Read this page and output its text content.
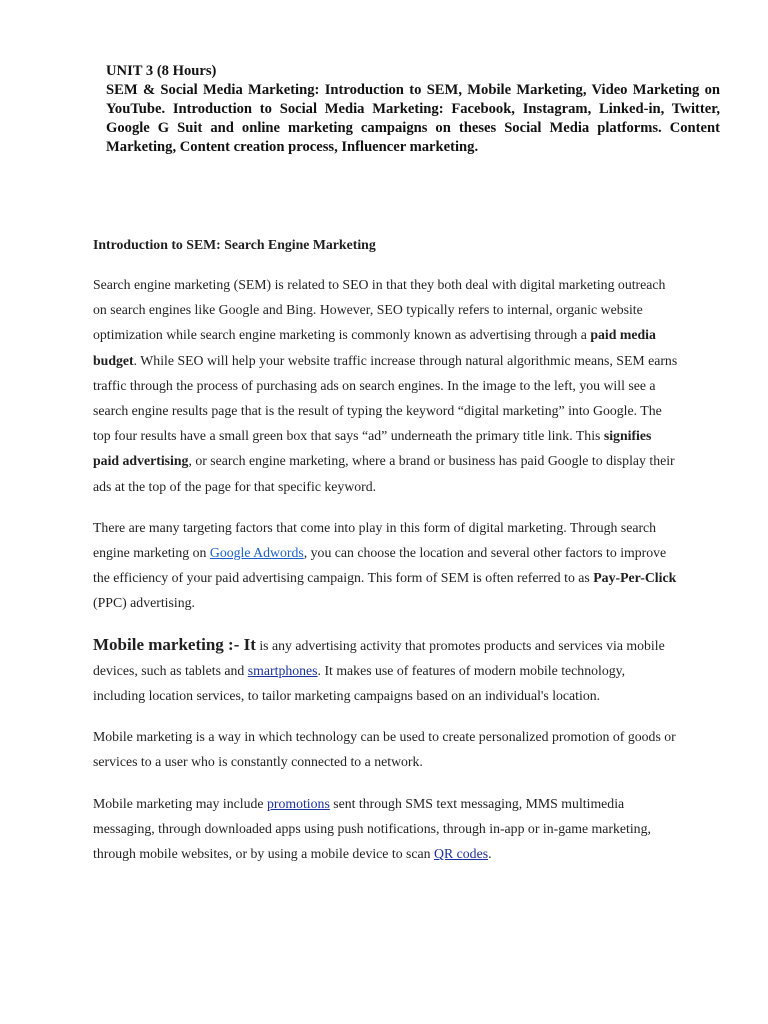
UNIT 3 (8 Hours)
SEM & Social Media Marketing: Introduction to SEM, Mobile Marketing, Video Marketing on YouTube. Introduction to Social Media Marketing: Facebook, Instagram, Linked-in, Twitter, Google G Suit and online marketing campaigns on theses Social Media platforms. Content Marketing, Content creation process, Influencer marketing.
Introduction to SEM: Search Engine Marketing

Search engine marketing (SEM) is related to SEO in that they both deal with digital marketing outreach on search engines like Google and Bing. However, SEO typically refers to internal, organic website optimization while search engine marketing is commonly known as advertising through a paid media budget. While SEO will help your website traffic increase through natural algorithmic means, SEM earns traffic through the process of purchasing ads on search engines. In the image to the left, you will see a search engine results page that is the result of typing the keyword “digital marketing” into Google. The top four results have a small green box that says “ad” underneath the primary title link. This signifies paid advertising, or search engine marketing, where a brand or business has paid Google to display their ads at the top of the page for that specific keyword.

There are many targeting factors that come into play in this form of digital marketing. Through search engine marketing on Google Adwords, you can choose the location and several other factors to improve the efficiency of your paid advertising campaign. This form of SEM is often referred to as Pay-Per-Click (PPC) advertising.

Mobile marketing :- It is any advertising activity that promotes products and services via mobile devices, such as tablets and smartphones. It makes use of features of modern mobile technology, including location services, to tailor marketing campaigns based on an individual's location.

Mobile marketing is a way in which technology can be used to create personalized promotion of goods or services to a user who is constantly connected to a network.

Mobile marketing may include promotions sent through SMS text messaging, MMS multimedia messaging, through downloaded apps using push notifications, through in-app or in-game marketing, through mobile websites, or by using a mobile device to scan QR codes.
